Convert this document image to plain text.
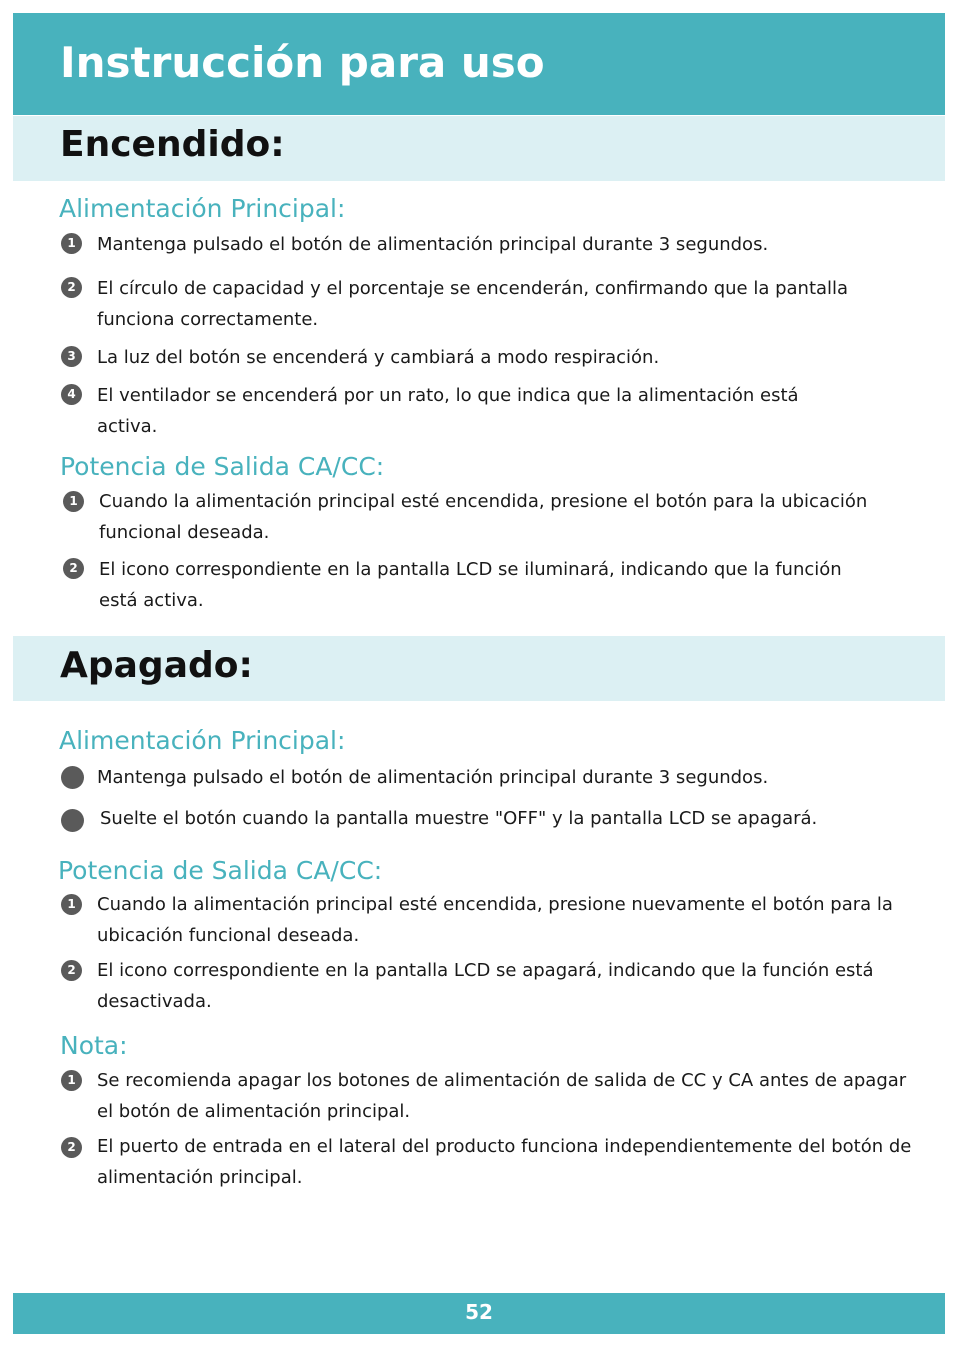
Instrucción para uso
Encendido:
Alimentación Principal:
1	Mantenga pulsado el botón de alimentación principal durante 3 segundos.
2	El círculo de capacidad y el porcentaje se encenderán, confirmando que la pantalla funciona correctamente.
3	La luz del botón se encenderá y cambiará a modo respiración.
4	El ventilador se encenderá por un rato, lo que indica que la alimentación está activa.
Potencia de Salida CA/CC:
1	Cuando la alimentación principal esté encendida, presione el botón para la ubicación funcional deseada.
2	El icono correspondiente en la pantalla LCD se iluminará, indicando que la función está activa.
Apagado:
Alimentación Principal:
Mantenga pulsado el botón de alimentación principal durante 3 segundos.
Suelte el botón cuando la pantalla muestre "OFF" y la pantalla LCD se apagará.
Potencia de Salida CA/CC:
1	Cuando la alimentación principal esté encendida, presione nuevamente el botón para la ubicación funcional deseada.
2	El icono correspondiente en la pantalla LCD se apagará, indicando que la función está desactivada.
Nota:
1	Se recomienda apagar los botones de alimentación de salida de CC y CA antes de apagar el botón de alimentación principal.
2	El puerto de entrada en el lateral del producto funciona independientemente del botón de alimentación principal.
52
